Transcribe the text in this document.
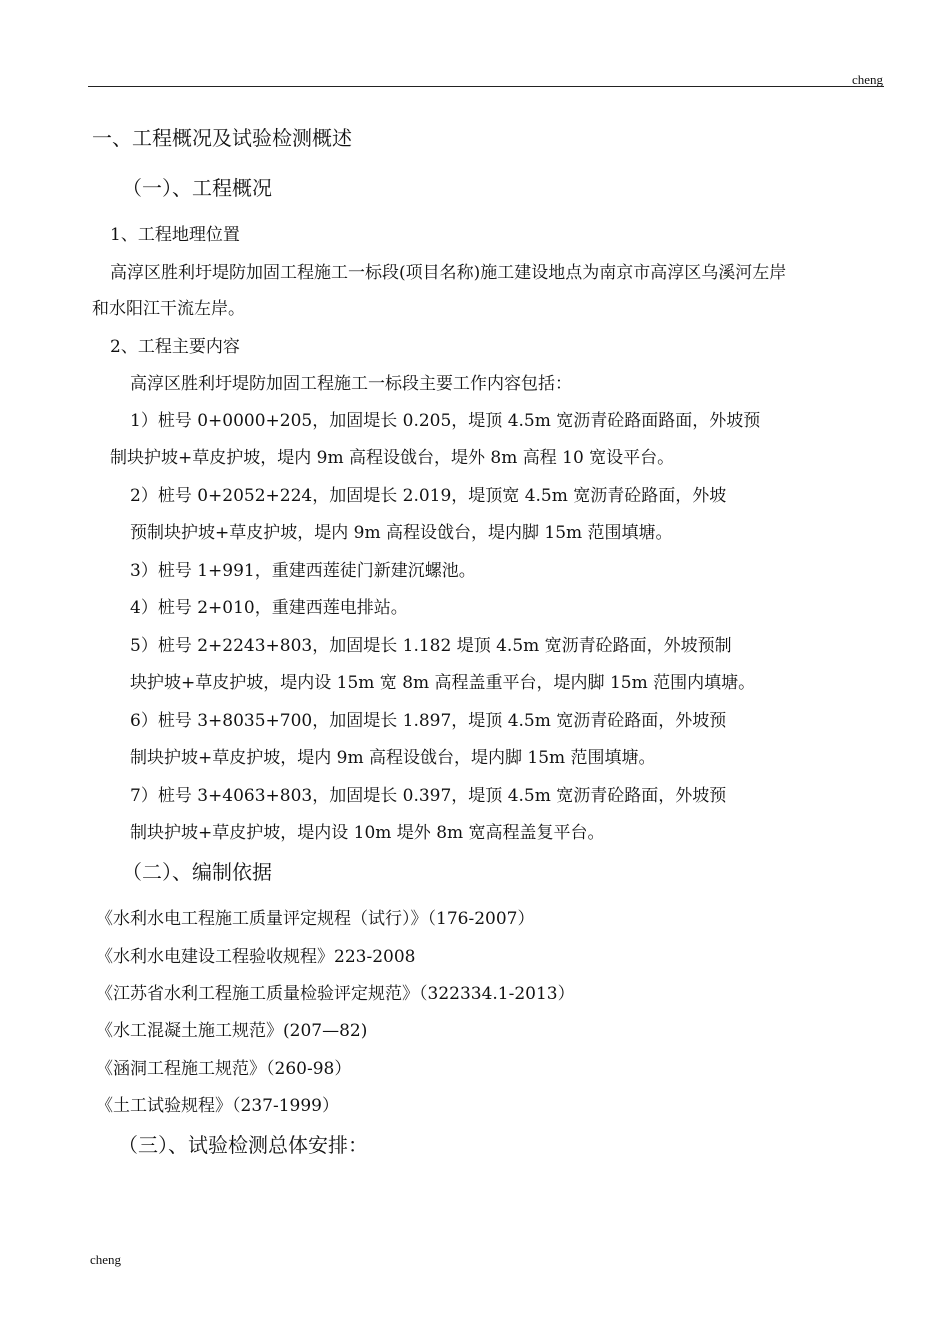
cheng
一、工程概况及试验检测概述
（一）、工程概况
1、工程地理位置
高淳区胜利圩堤防加固工程施工一标段(项目名称)施工建设地点为南京市高淳区乌溪河左岸
和水阳江干流左岸。
2、工程主要内容
高淳区胜利圩堤防加固工程施工一标段主要工作内容包括：
1）桩号 0+0000+205，加固堤长 0.205，堤顶 4.5m 宽沥青砼路面路面，外坡预
制块护坡+草皮护坡，堤内 9m 高程设戗台，堤外 8m 高程 10 宽设平台。
2）桩号 0+2052+224，加固堤长 2.019，堤顶宽 4.5m 宽沥青砼路面，外坡
预制块护坡+草皮护坡，堤内 9m 高程设戗台，堤内脚 15m 范围填塘。
3）桩号 1+991，重建西莲徒门新建沉螺池。
4）桩号 2+010，重建西莲电排站。
5）桩号 2+2243+803，加固堤长 1.182 堤顶 4.5m 宽沥青砼路面，外坡预制
块护坡+草皮护坡，堤内设 15m 宽 8m 高程盖重平台，堤内脚 15m 范围内填塘。
6）桩号 3+8035+700，加固堤长 1.897，堤顶 4.5m 宽沥青砼路面，外坡预
制块护坡+草皮护坡，堤内 9m 高程设戗台，堤内脚 15m 范围填塘。
7）桩号 3+4063+803，加固堤长 0.397，堤顶 4.5m 宽沥青砼路面，外坡预
制块护坡+草皮护坡，堤内设 10m 堤外 8m 宽高程盖复平台。
（二）、编制依据
《水利水电工程施工质量评定规程（试行）》（176-2007）
《水利水电建设工程验收规程》223-2008
《江苏省水利工程施工质量检验评定规范》（322334.1-2013）
《水工混凝土施工规范》(207—82)
《涵洞工程施工规范》（260-98）
《土工试验规程》（237-1999）
（三）、试验检测总体安排：
cheng
